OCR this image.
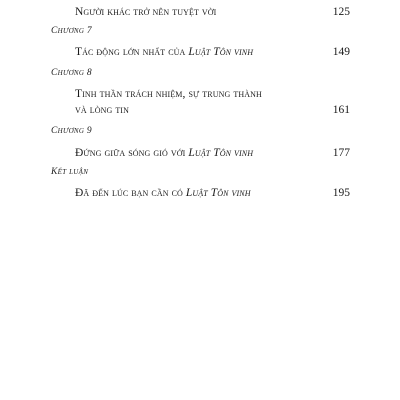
Người khác trở nên tuyệt vời	125
Chương 7
Tác động lớn nhất của Luật Tôn vinh	149
Chương 8
Tinh thần trách nhiệm, sự trung thành
và lòng tin	161
Chương 9
Đứng giữa sóng gió với Luật Tôn vinh	177
Kết luận
Đã đến lúc bạn cần có Luật Tôn vinh	195
